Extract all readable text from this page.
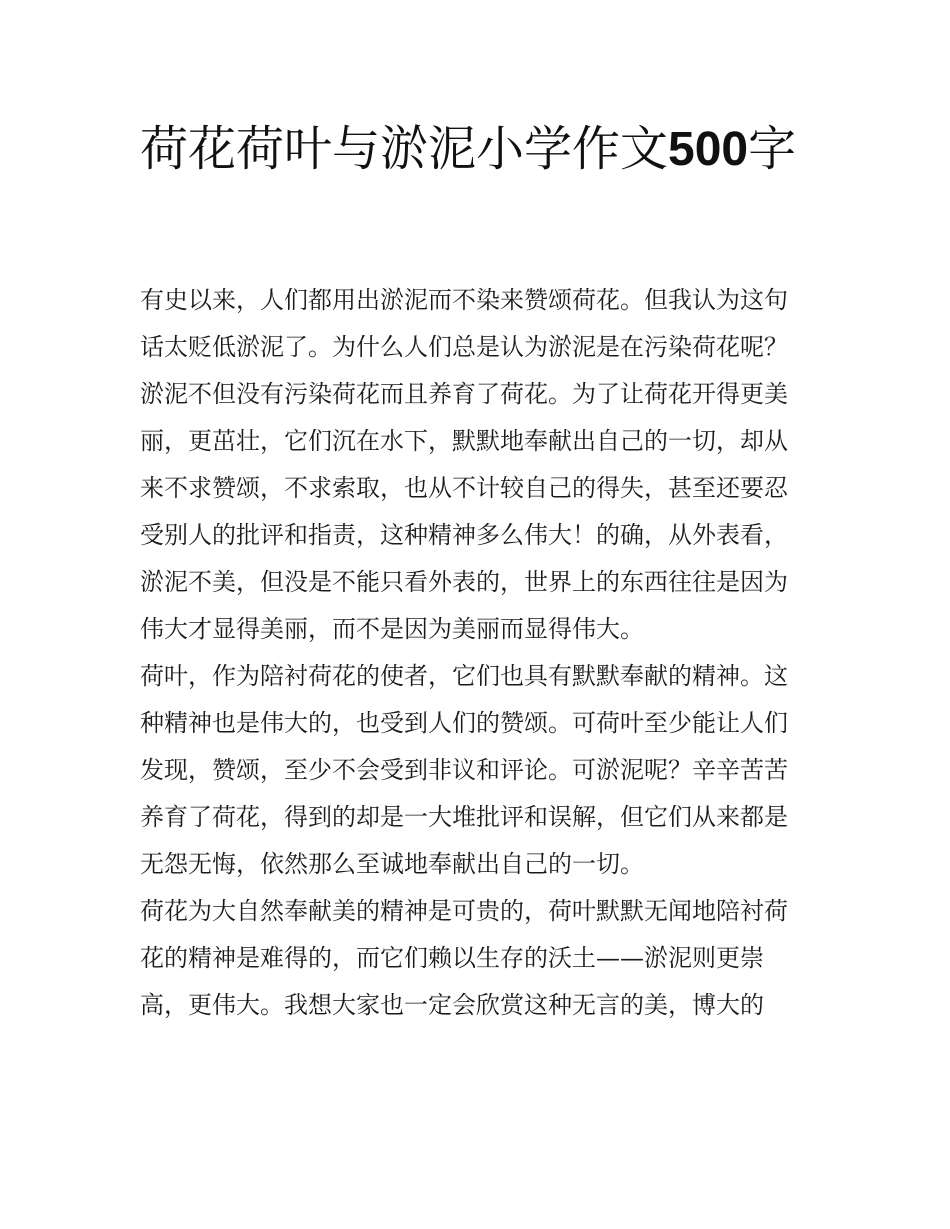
荷花荷叶与淤泥小学作文500字
有史以来，人们都用出淤泥而不染来赞颂荷花。但我认为这句
话太贬低淤泥了。为什么人们总是认为淤泥是在污染荷花呢？
淤泥不但没有污染荷花而且养育了荷花。为了让荷花开得更美
丽，更茁壮，它们沉在水下，默默地奉献出自己的一切，却从
来不求赞颂，不求索取，也从不计较自己的得失，甚至还要忍
受别人的批评和指责，这种精神多么伟大！的确，从外表看，
淤泥不美，但没是不能只看外表的，世界上的东西往往是因为
伟大才显得美丽，而不是因为美丽而显得伟大。
荷叶，作为陪衬荷花的使者，它们也具有默默奉献的精神。这
种精神也是伟大的，也受到人们的赞颂。可荷叶至少能让人们
发现，赞颂，至少不会受到非议和评论。可淤泥呢？辛辛苦苦
养育了荷花，得到的却是一大堆批评和误解，但它们从来都是
无怨无悔，依然那么至诚地奉献出自己的一切。
荷花为大自然奉献美的精神是可贵的，荷叶默默无闻地陪衬荷
花的精神是难得的，而它们赖以生存的沃土——淤泥则更崇
高，更伟大。我想大家也一定会欣赏这种无言的美，博大的
